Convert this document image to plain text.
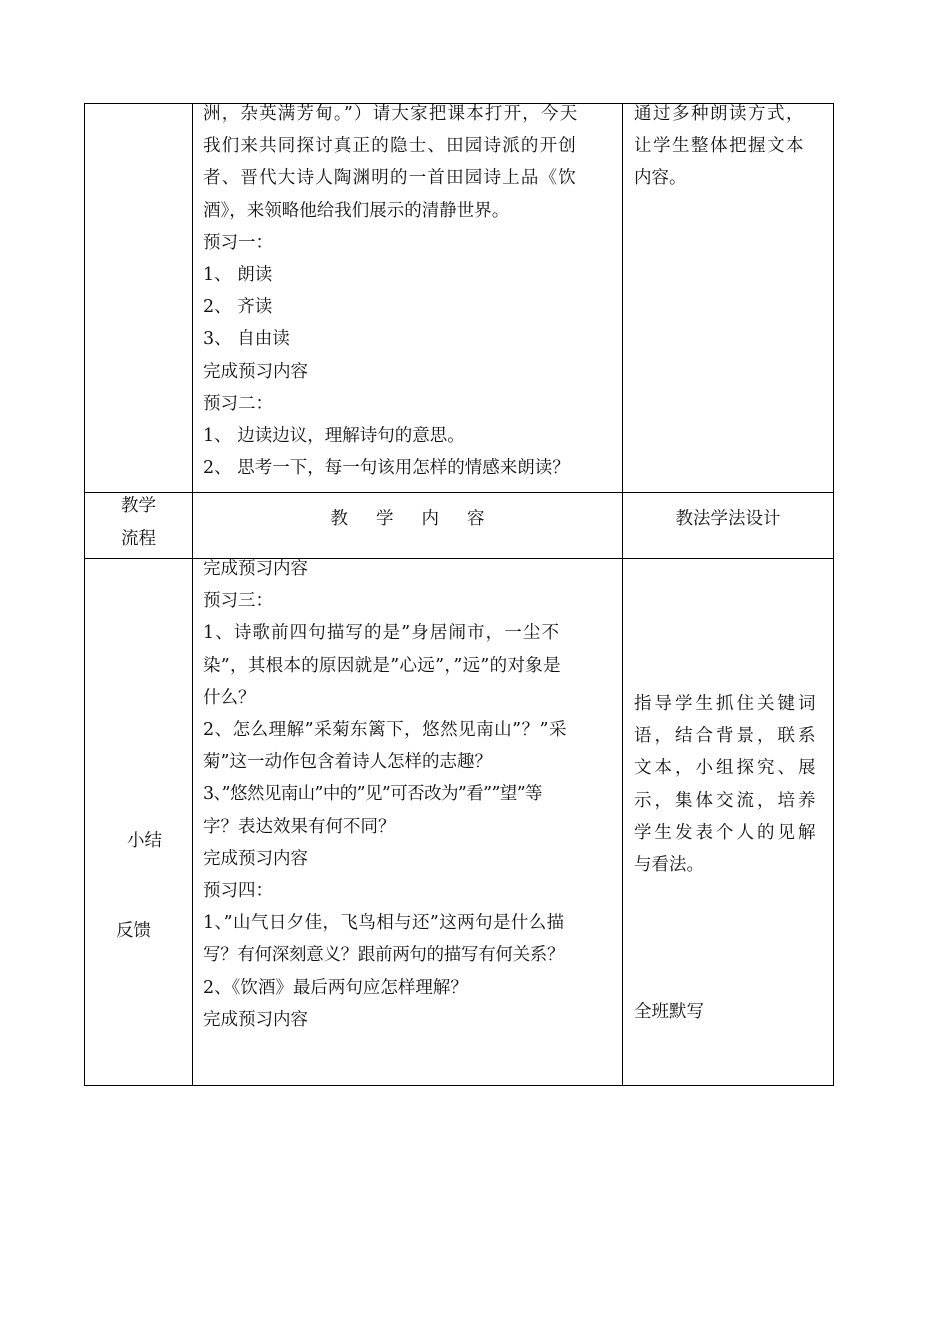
洲，杂英满芳甸。”）请大家把课本打开，今天

我们来共同探讨真正的隐士、田园诗派的开创

者、晋代大诗人陶渊明的一首田园诗上品《饮

酒》，来领略他给我们展示的清静世界。

预习一：

1、 朗读

2、 齐读

3、 自由读

完成预习内容

预习二：

1、 边读边议，理解诗句的意思。

2、 思考一下，每一句该用怎样的情感来朗读？

通过多种朗读方式，

让学生整体把握文本

内容。

教学
流程
教学内容	教法学法设计
小结
反馈

完成预习内容

预习三：

1、诗歌前四句描写的是”身居闹市，一尘不

染”，其根本的原因就是”心远”，”远”的对象是

什么？

2、怎么理解”采菊东篱下，悠然见南山”？”采

菊”这一动作包含着诗人怎样的志趣？

3、”悠然见南山”中的”见”可否改为”看””望”等

字？表达效果有何不同？

完成预习内容

预习四：

1、”山气日夕佳，飞鸟相与还”这两句是什么描

写？有何深刻意义？跟前两句的描写有何关系？

2、《饮酒》最后两句应怎样理解？

完成预习内容

指导学生抓住关键词

语，结合背景，联系

文本，小组探究、展

示，集体交流，培养

学生发表个人的见解

与看法。

全班默写
